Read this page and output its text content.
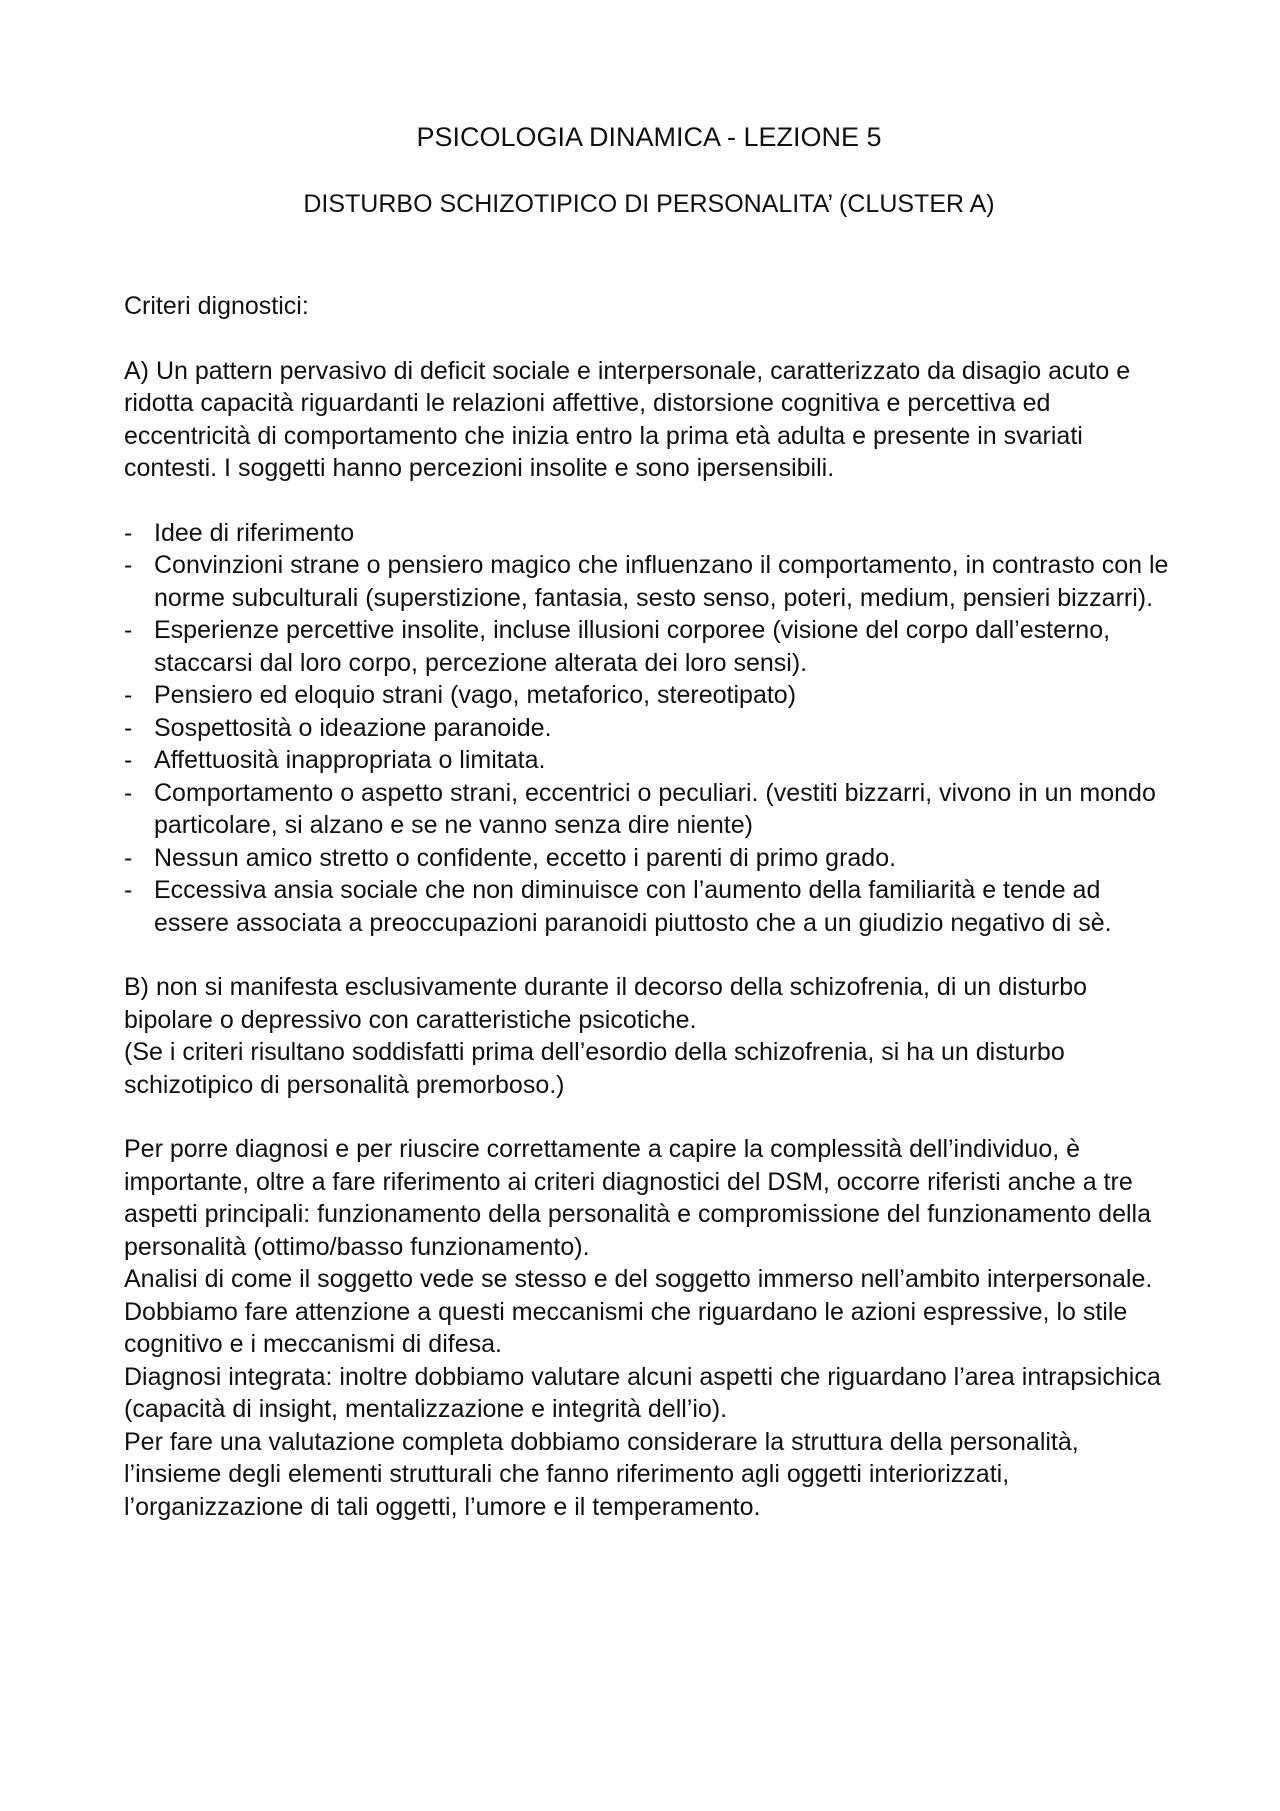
PSICOLOGIA DINAMICA - LEZIONE 5
DISTURBO SCHIZOTIPICO DI PERSONALITA’ (CLUSTER A)

Criteri dignostici:

A) Un pattern pervasivo di deficit sociale e interpersonale, caratterizzato da disagio acuto e ridotta capacità riguardanti le relazioni affettive, distorsione cognitiva e percettiva ed eccentricità di comportamento che inizia entro la prima età adulta e presente in svariati contesti. I soggetti hanno percezioni insolite e sono ipersensibili.

- Idee di riferimento
- Convinzioni strane o pensiero magico che influenzano il comportamento, in contrasto con le norme subculturali (superstizione, fantasia, sesto senso, poteri, medium, pensieri bizzarri).
- Esperienze percettive insolite, incluse illusioni corporee (visione del corpo dall’esterno, staccarsi dal loro corpo, percezione alterata dei loro sensi).
- Pensiero ed eloquio strani (vago, metaforico, stereotipato)
- Sospettosità o ideazione paranoide.
- Affettuosità inappropriata o limitata.
- Comportamento o aspetto strani, eccentrici o peculiari. (vestiti bizzarri, vivono in un mondo particolare, si alzano e se ne vanno senza dire niente)
- Nessun amico stretto o confidente, eccetto i parenti di primo grado.
- Eccessiva ansia sociale che non diminuisce con l’aumento della familiarità e tende ad essere associata a preoccupazioni paranoidi piuttosto che a un giudizio negativo di sè.

B) non si manifesta esclusivamente durante il decorso della schizofrenia, di un disturbo bipolare o depressivo con caratteristiche psicotiche.

(Se i criteri risultano soddisfatti prima dell’esordio della schizofrenia, si ha un disturbo schizotipico di personalità premorboso.)

Per porre diagnosi e per riuscire correttamente a capire la complessità dell’individuo, è importante, oltre a fare riferimento ai criteri diagnostici del DSM, occorre riferisti anche a tre aspetti principali: funzionamento della personalità e compromissione del funzionamento della personalità (ottimo/basso funzionamento).

Analisi di come il soggetto vede se stesso e del soggetto immerso nell’ambito interpersonale. Dobbiamo fare attenzione a questi meccanismi che riguardano le azioni espressive, lo stile cognitivo e i meccanismi di difesa.

Diagnosi integrata: inoltre dobbiamo valutare alcuni aspetti che riguardano l’area intrapsichica (capacità di insight, mentalizzazione e integrità dell’io).

Per fare una valutazione completa dobbiamo considerare la struttura della personalità, l’insieme degli elementi strutturali che fanno riferimento agli oggetti interiorizzati, l’organizzazione di tali oggetti, l’umore e il temperamento.
